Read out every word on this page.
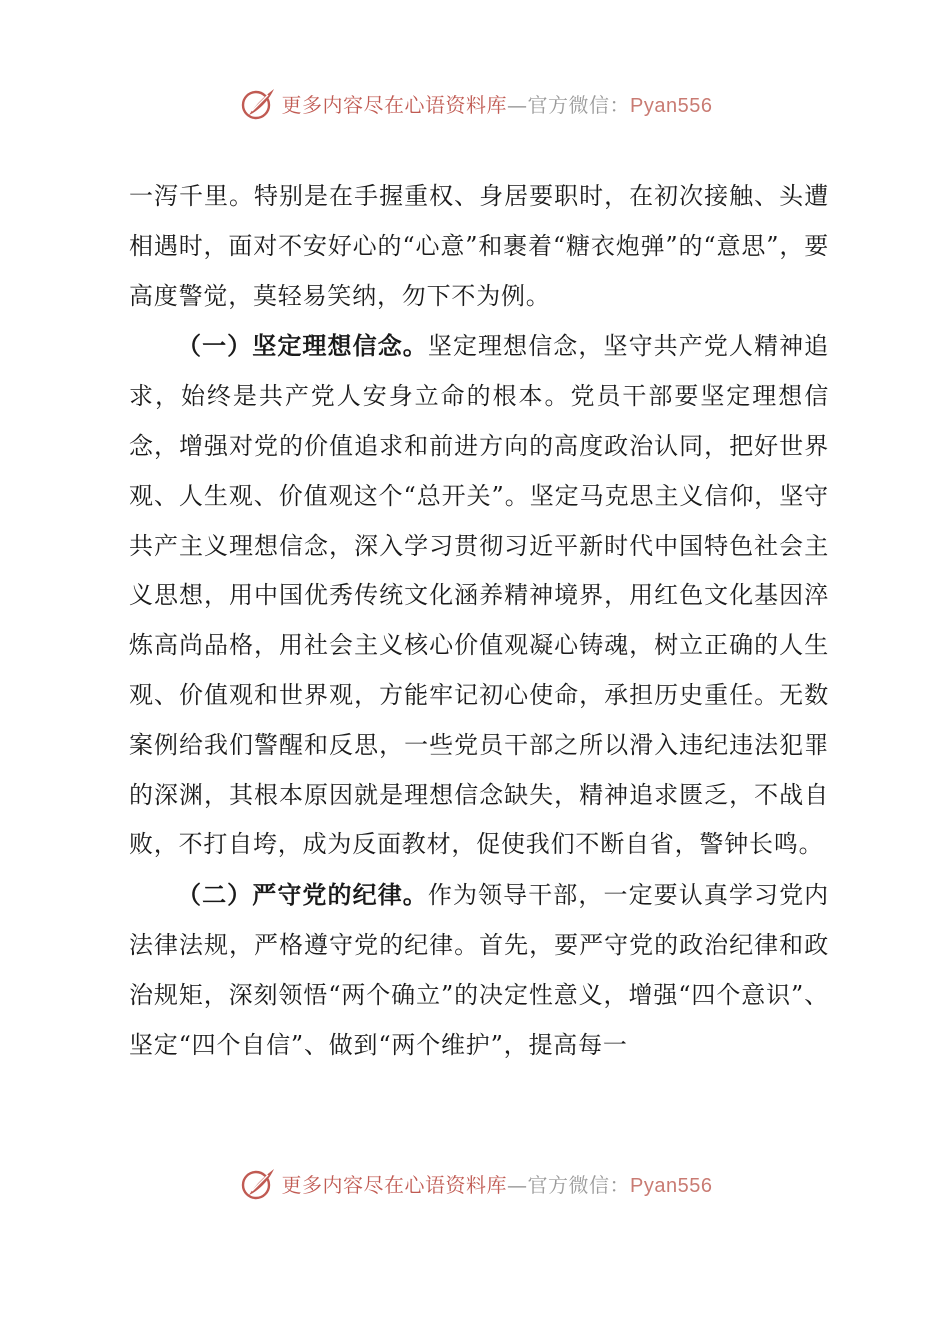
更多内容尽在心语资料库—官方微信：Pyan556

一泻千里。特别是在手握重权、身居要职时，在初次接触、头遭相遇时，面对不安好心的“心意”和裹着“糖衣炮弹”的“意思”，要高度警觉，莫轻易笑纳，勿下不为例。

（一）坚定理想信念。坚定理想信念，坚守共产党人精神追求，始终是共产党人安身立命的根本。党员干部要坚定理想信念，增强对党的价值追求和前进方向的高度政治认同，把好世界观、人生观、价值观这个“总开关”。坚定马克思主义信仰，坚守共产主义理想信念，深入学习贯彻习近平新时代中国特色社会主义思想，用中国优秀传统文化涵养精神境界，用红色文化基因淬炼高尚品格，用社会主义核心价值观凝心铸魂，树立正确的人生观、价值观和世界观，方能牢记初心使命，承担历史重任。无数案例给我们警醒和反思，一些党员干部之所以滑入违纪违法犯罪的深渊，其根本原因就是理想信念缺失，精神追求匮乏，不战自败，不打自垮，成为反面教材，促使我们不断自省，警钟长鸣。

（二）严守党的纪律。作为领导干部，一定要认真学习党内法律法规，严格遵守党的纪律。首先，要严守党的政治纪律和政治规矩，深刻领悟“两个确立”的决定性意义，增强“四个意识”、坚定“四个自信”、做到“两个维护”，提高每一

更多内容尽在心语资料库—官方微信：Pyan556
